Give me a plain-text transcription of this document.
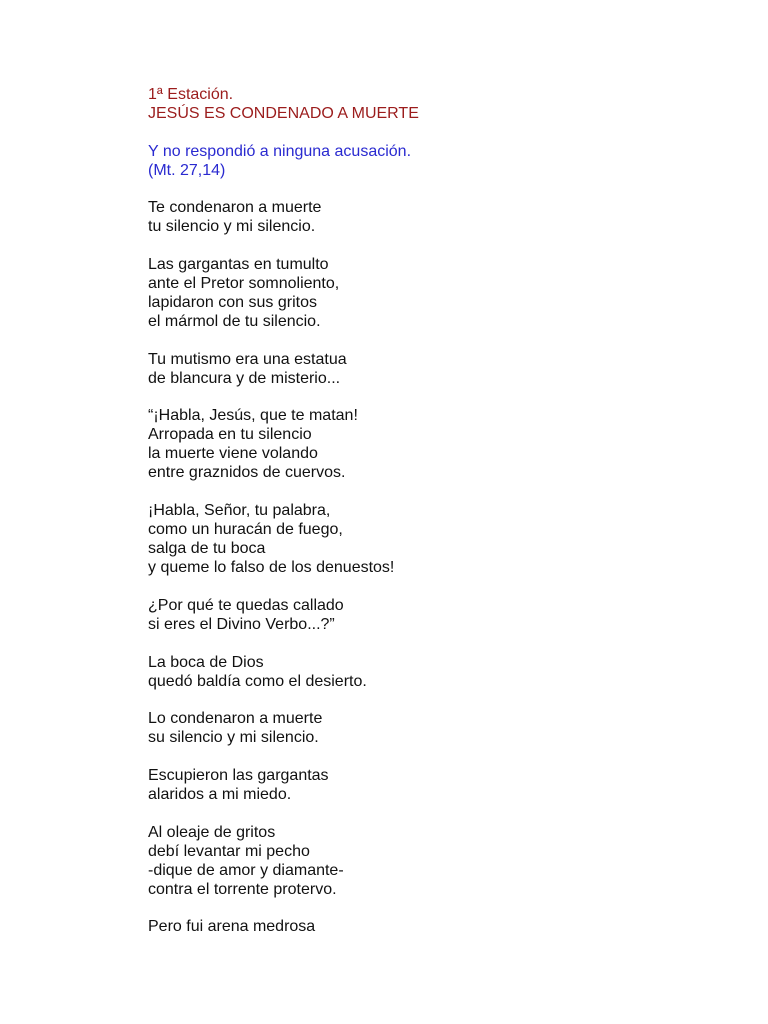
1ª Estación.
JESÚS ES CONDENADO A MUERTE
Y no respondió a ninguna acusación.
(Mt. 27,14)
Te condenaron a muerte
tu silencio y mi silencio.
Las gargantas en tumulto
ante el Pretor somnoliento,
lapidaron con sus gritos
el mármol de tu silencio.
Tu mutismo era una estatua
de blancura y de misterio...
“¡Habla, Jesús, que te matan!
Arropada en tu silencio
la muerte viene volando
entre graznidos de cuervos.
¡Habla, Señor, tu palabra,
como un huracán de fuego,
salga de tu boca
y queme lo falso de los denuestos!
¿Por qué te quedas callado
si eres el Divino Verbo...?”
La boca de Dios
quedó baldía como el desierto.
Lo condenaron a muerte
su silencio y mi silencio.
Escupieron las gargantas
alaridos a mi miedo.
Al oleaje de gritos
debí levantar mi pecho
-dique de amor y diamante-
contra el torrente protervo.
Pero fui arena medrosa
